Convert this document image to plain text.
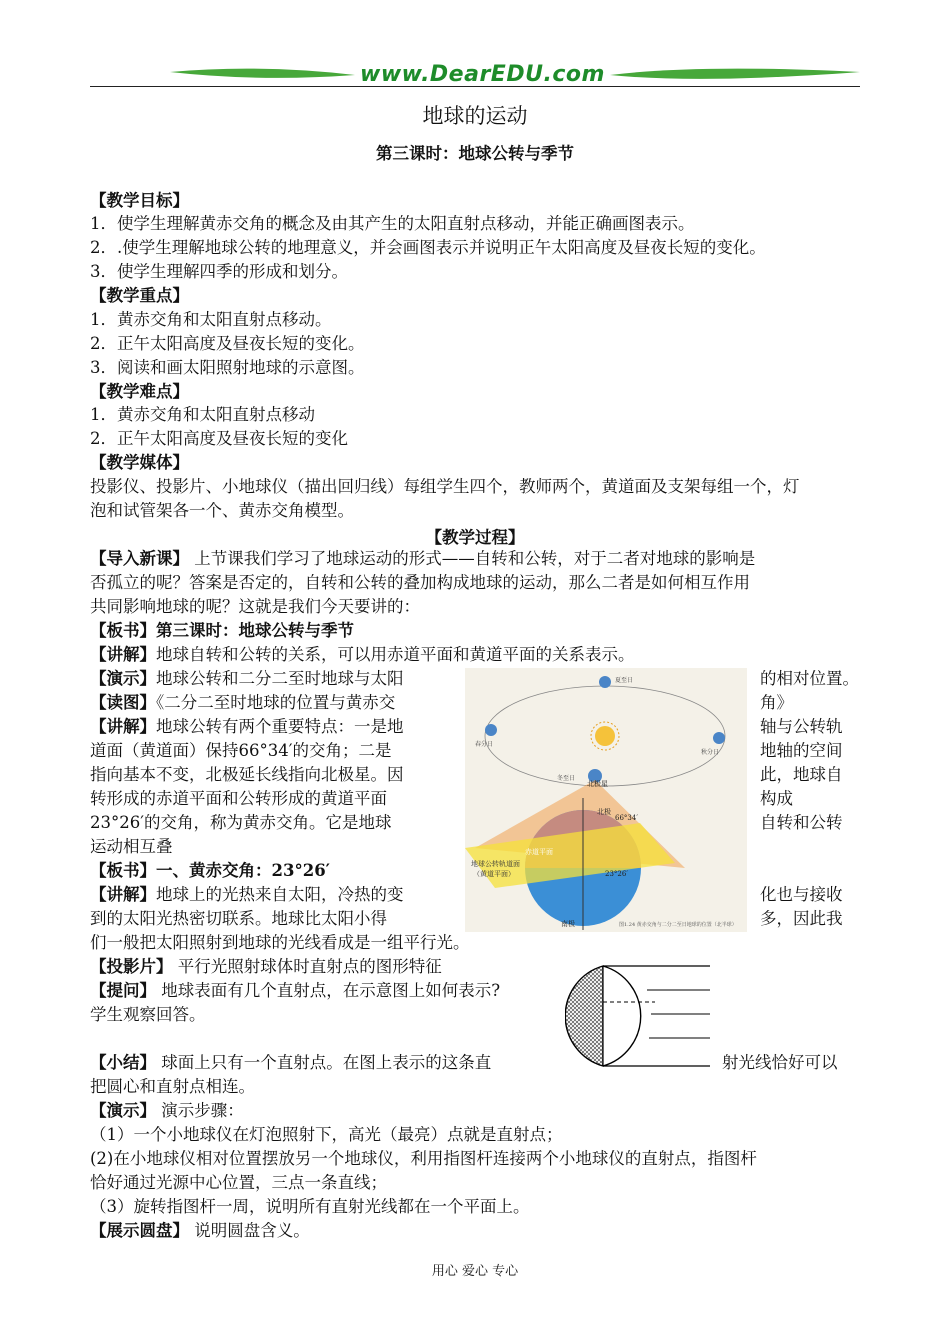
www.DearEDU.com
地球的运动
第三课时：地球公转与季节
【教学目标】
1．使学生理解黄赤交角的概念及由其产生的太阳直射点移动，并能正确画图表示。
2．.使学生理解地球公转的地理意义，并会画图表示并说明正午太阳高度及昼夜长短的变化。
3．使学生理解四季的形成和划分。
【教学重点】
1．黄赤交角和太阳直射点移动。
2．正午太阳高度及昼夜长短的变化。
3．阅读和画太阳照射地球的示意图。
【教学难点】
1．黄赤交角和太阳直射点移动
2．正午太阳高度及昼夜长短的变化
【教学媒体】
投影仪、投影片、小地球仪（描出回归线）每组学生四个，教师两个，黄道面及支架每组一个，灯
泡和试管架各一个、黄赤交角模型。
【教学过程】
【导入新课】 上节课我们学习了地球运动的形式——自转和公转，对于二者对地球的影响是
否孤立的呢？答案是否定的，自转和公转的叠加构成地球的运动，那么二者是如何相互作用
共同影响地球的呢？这就是我们今天要讲的：
【板书】第三课时：地球公转与季节
【讲解】地球自转和公转的关系，可以用赤道平面和黄道平面的关系表示。
【演示】地球公转和二分二至时地球与太阳
【读图】《二分二至时地球的位置与黄赤交
【讲解】地球公转有两个重要特点：一是地
道面（黄道面）保持66°34′的交角；二是
指向基本不变，北极延长线指向北极星。因
转形成的赤道平面和公转形成的黄道平面
23°26′的交角，称为黄赤交角。它是地球
运动相互叠
的相对位置。
角》
轴与公转轨
地轴的空间
此，地球自
构成
自转和公转
【板书】一、黄赤交角：23°26′
【讲解】地球上的光热来自太阳，冷热的变	化也与接收
到的太阳光热密切联系。地球比太阳小得	多，因此我
们一般把太阳照射到地球的光线看成是一组平行光。
【投影片】 平行光照射球体时直射点的图形特征
【提问】 地球表面有几个直射点，在示意图上如何表示?
学生观察回答。
【小结】 球面上只有一个直射点。在图上表示的这条直	射光线恰好可以
把圆心和直射点相连。
【演示】 演示步骤：
（1）一个小地球仪在灯泡照射下，高光（最亮）点就是直射点；
(2)在小地球仪相对位置摆放另一个地球仪，利用指图杆连接两个小地球仪的直射点，指图杆
恰好通过光源中心位置，三点一条直线；
（3）旋转指图杆一周，说明所有直射光线都在一个平面上。
【展示圆盘】 说明圆盘含义。
地球公转轨道面
（黄道平面）
赤道平面
北极
66°34′
23°26′
北极星
夏至日
秋分日
春分日
冬至日
南极	图1.24 黄赤交角与二分二至日地球的位置（北半球）
用心 爱心 专心
